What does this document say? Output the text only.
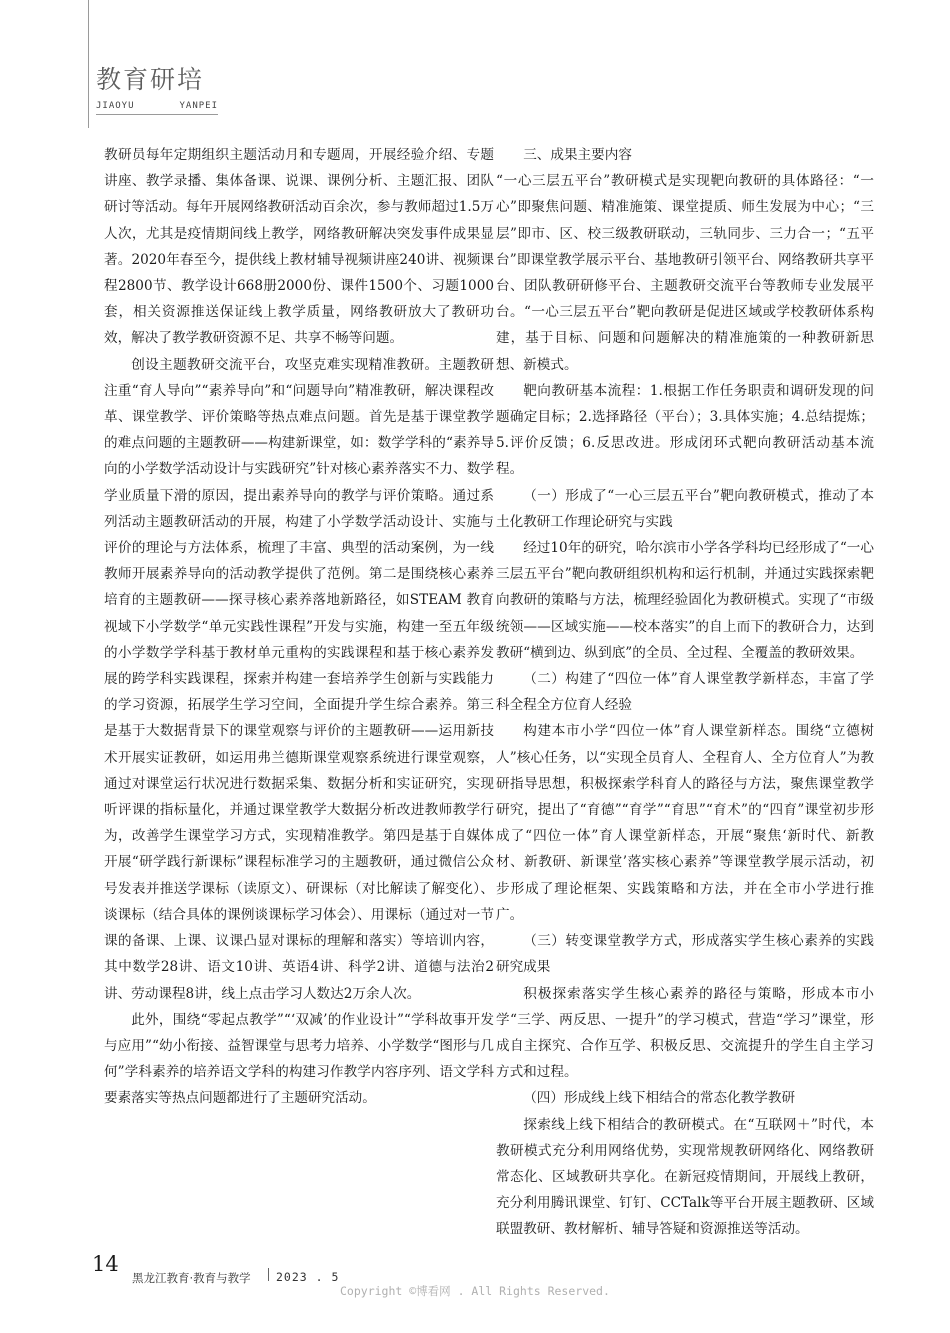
教育研培
JIAOYU	YANPEI

教研员每年定期组织主题活动月和专题周，开展经验介绍、专题讲座、教学录播、集体备课、说课、课例分析、主题汇报、团队研讨等活动。每年开展网络教研活动百余次，参与教师超过1.5万人次，尤其是疫情期间线上教学，网络教研解决突发事件成果显著。2020年春至今，提供线上教材辅导视频讲座240讲、视频课程2800节、教学设计668册2000份、课件1500个、习题1000套，相关资源推送保证线上教学质量，网络教研放大了教研功效，解决了教学教研资源不足、共享不畅等问题。

创设主题教研交流平台，攻坚克难实现精准教研。主题教研注重“育人导向”“素养导向”和“问题导向”精准教研，解决课程改革、课堂教学、评价策略等热点难点问题。首先是基于课堂教学的难点问题的主题教研——构建新课堂，如：数学学科的“素养导向的小学数学活动设计与实践研究”针对核心素养落实不力、数学学业质量下滑的原因，提出素养导向的教学与评价策略。通过系列活动主题教研活动的开展，构建了小学数学活动设计、实施与评价的理论与方法体系，梳理了丰富、典型的活动案例，为一线教师开展素养导向的活动教学提供了范例。第二是围绕核心素养培育的主题教研——探寻核心素养落地新路径，如STEAM 教育视域下小学数学“单元实践性课程”开发与实施，构建一至五年级的小学数学学科基于教材单元重构的实践课程和基于核心素养发展的跨学科实践课程，探索并构建一套培养学生创新与实践能力的学习资源，拓展学生学习空间，全面提升学生综合素养。第三是基于大数据背景下的课堂观察与评价的主题教研——运用新技术开展实证教研，如运用弗兰德斯课堂观察系统进行课堂观察，通过对课堂运行状况进行数据采集、数据分析和实证研究，实现听评课的指标量化，并通过课堂教学大数据分析改进教师教学行为，改善学生课堂学习方式，实现精准教学。第四是基于自媒体开展“研学践行新课标”课程标准学习的主题教研，通过微信公众号发表并推送学课标（读原文）、研课标（对比解读了解变化）、谈课标（结合具体的课例谈课标学习体会）、用课标（通过对一节课的备课、上课、议课凸显对课标的理解和落实）等培训内容，其中数学28讲、语文10讲、英语4讲、科学2讲、道德与法治2讲、劳动课程8讲，线上点击学习人数达2万余人次。

此外，围绕“零起点教学”“‘双减’的作业设计”“学科故事开发与应用”“幼小衔接、益智课堂与思考力培养、小学数学“图形与几何”学科素养的培养语文学科的构建习作教学内容序列、语文学科要素落实等热点问题都进行了主题研究活动。

三、成果主要内容

“一心三层五平台”教研模式是实现靶向教研的具体路径：“一心”即聚焦问题、精准施策、课堂提质、师生发展为中心；“三层”即市、区、校三级教研联动，三轨同步、三力合一；“五平台”即课堂教学展示平台、基地教研引领平台、网络教研共享平台、团队教研研修平台、主题教研交流平台等教师专业发展平台。“一心三层五平台”靶向教研是促进区域或学校教研体系构建，基于目标、问题和问题解决的精准施策的一种教研新思想、新模式。

靶向教研基本流程：1.根据工作任务职责和调研发现的问题确定目标；2.选择路径（平台）；3.具体实施；4.总结提炼；5.评价反馈；6.反思改进。形成闭环式靶向教研活动基本流程。

（一）形成了“一心三层五平台”靶向教研模式，推动了本土化教研工作理论研究与实践

经过10年的研究，哈尔滨市小学各学科均已经形成了“一心三层五平台”靶向教研组织机构和运行机制，并通过实践探索靶向教研的策略与方法，梳理经验固化为教研模式。实现了“市级统领——区域实施——校本落实”的自上而下的教研合力，达到教研“横到边、纵到底”的全员、全过程、全覆盖的教研效果。

（二）构建了“四位一体”育人课堂教学新样态，丰富了学科全程全方位育人经验

构建本市小学“四位一体”育人课堂新样态。围绕“立德树人”核心任务，以“实现全员育人、全程育人、全方位育人”为教研指导思想，积极探索学科育人的路径与方法，聚焦课堂教学研究，提出了“育德”“育学”“育思”“育术”的“四育”课堂初步形成了“四位一体”育人课堂新样态，开展“聚焦‘新时代、新教材、新教研、新课堂’落实核心素养”等课堂教学展示活动，初步形成了理论框架、实践策略和方法，并在全市小学进行推广。

（三）转变课堂教学方式，形成落实学生核心素养的实践研究成果

积极探索落实学生核心素养的路径与策略，形成本市小学“三学、两反思、一提升”的学习模式，营造“学习”课堂，形成自主探究、合作互学、积极反思、交流提升的学生自主学习方式和过程。

（四）形成线上线下相结合的常态化教学教研

探索线上线下相结合的教研模式。在“互联网＋”时代，本教研模式充分利用网络优势，实现常规教研网络化、网络教研常态化、区域教研共享化。在新冠疫情期间，开展线上教研，充分利用腾讯课堂、钉钉、CCTalk等平台开展主题教研、区域联盟教研、教材解析、辅导答疑和资源推送等活动。

14
黑龙江教育·教育与教学 2023 . 5
Copyright ©博看网 . All Rights Reserved.
